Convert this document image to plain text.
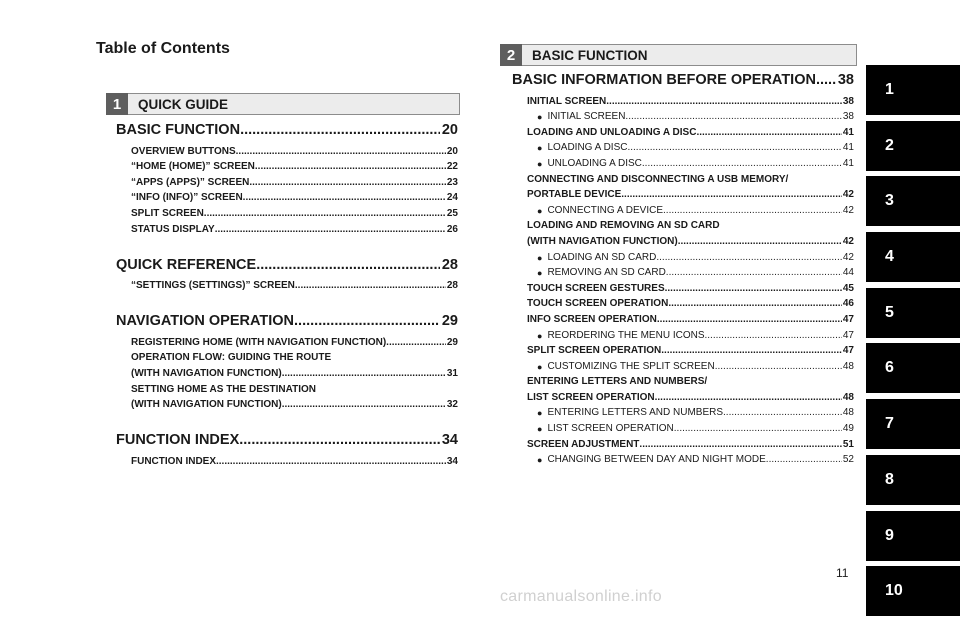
Table of Contents
1	QUICK GUIDE
BASIC FUNCTION .....	20
OVERVIEW BUTTONS .....	20
“HOME (HOME)” SCREEN .....	22
“APPS (APPS)” SCREEN .....	23
“INFO (INFO)” SCREEN .....	24
SPLIT SCREEN .....	25
STATUS DISPLAY .....	26
QUICK REFERENCE .....	28
“SETTINGS (SETTINGS)” SCREEN .....	28
NAVIGATION OPERATION .....	29
REGISTERING HOME (WITH NAVIGATION FUNCTION) .....	29
OPERATION FLOW: GUIDING THE ROUTE
(WITH NAVIGATION FUNCTION) .....	31
SETTING HOME AS THE DESTINATION
(WITH NAVIGATION FUNCTION) .....	32
FUNCTION INDEX .....	34
FUNCTION INDEX .....	34
2	BASIC FUNCTION
BASIC INFORMATION BEFORE OPERATION ..... 38
INITIAL SCREEN .....	38
● INITIAL SCREEN .....	38
LOADING AND UNLOADING A DISC .....	41
● LOADING A DISC .....	41
● UNLOADING A DISC .....	41
CONNECTING AND DISCONNECTING A USB MEMORY/
PORTABLE DEVICE .....	42
● CONNECTING A DEVICE .....	42
LOADING AND REMOVING AN SD CARD
(WITH NAVIGATION FUNCTION) .....	42
● LOADING AN SD CARD .....	42
● REMOVING AN SD CARD .....	44
TOUCH SCREEN GESTURES .....	45
TOUCH SCREEN OPERATION .....	46
INFO SCREEN OPERATION .....	47
● REORDERING THE MENU ICONS .....	47
SPLIT SCREEN OPERATION .....	47
● CUSTOMIZING THE SPLIT SCREEN .....	48
ENTERING LETTERS AND NUMBERS/
LIST SCREEN OPERATION .....	48
● ENTERING LETTERS AND NUMBERS .....	48
● LIST SCREEN OPERATION .....	49
SCREEN ADJUSTMENT .....	51
● CHANGING BETWEEN DAY AND NIGHT MODE .....	52
1
2
3
4
5
6
7
8
9
10
11
carmanualsonline.info
